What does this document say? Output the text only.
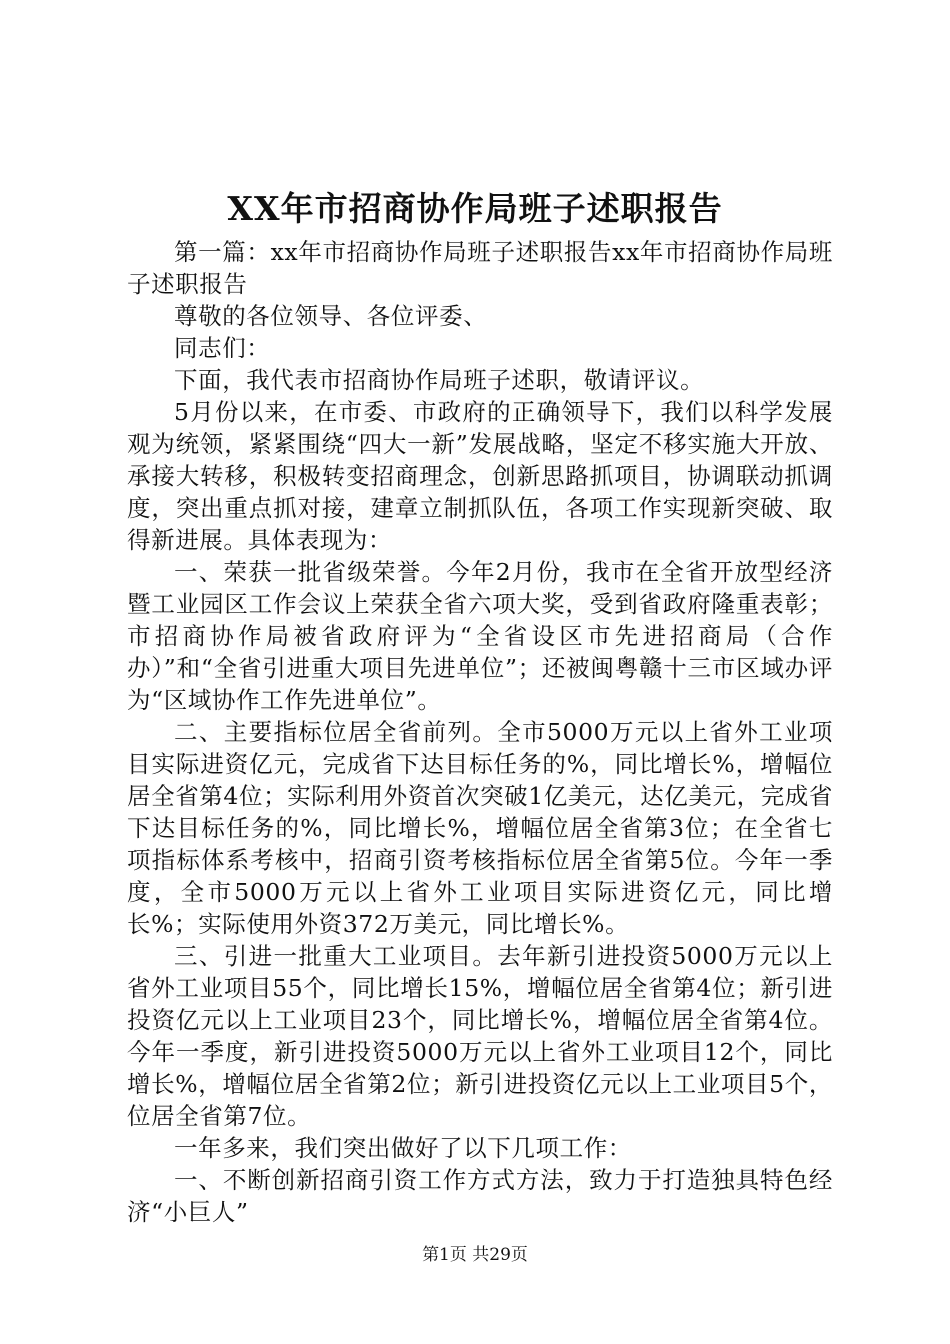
XX年市招商协作局班子述职报告

第一篇：xx年市招商协作局班子述职报告xx年市招商协作局班子述职报告

尊敬的各位领导、各位评委、

同志们：

下面，我代表市招商协作局班子述职，敬请评议。

5月份以来，在市委、市政府的正确领导下，我们以科学发展观为统领，紧紧围绕“四大一新”发展战略，坚定不移实施大开放、承接大转移，积极转变招商理念，创新思路抓项目，协调联动抓调度，突出重点抓对接，建章立制抓队伍，各项工作实现新突破、取得新进展。具体表现为：

一、荣获一批省级荣誉。今年2月份，我市在全省开放型经济暨工业园区工作会议上荣获全省六项大奖，受到省政府隆重表彰；市招商协作局被省政府评为“全省设区市先进招商局（合作办）”和“全省引进重大项目先进单位”；还被闽粤赣十三市区域办评为“区域协作工作先进单位”。

二、主要指标位居全省前列。全市5000万元以上省外工业项目实际进资亿元，完成省下达目标任务的%，同比增长%，增幅位居全省第4位；实际利用外资首次突破1亿美元，达亿美元，完成省下达目标任务的%，同比增长%，增幅位居全省第3位；在全省七项指标体系考核中，招商引资考核指标位居全省第5位。今年一季度，全市5000万元以上省外工业项目实际进资亿元，同比增长%；实际使用外资372万美元，同比增长%。

三、引进一批重大工业项目。去年新引进投资5000万元以上省外工业项目55个，同比增长15%，增幅位居全省第4位；新引进投资亿元以上工业项目23个，同比增长%，增幅位居全省第4位。今年一季度，新引进投资5000万元以上省外工业项目12个，同比增长%，增幅位居全省第2位；新引进投资亿元以上工业项目5个，位居全省第7位。

一年多来，我们突出做好了以下几项工作：

一、不断创新招商引资工作方式方法，致力于打造独具特色经济“小巨人”

第1页 共29页
